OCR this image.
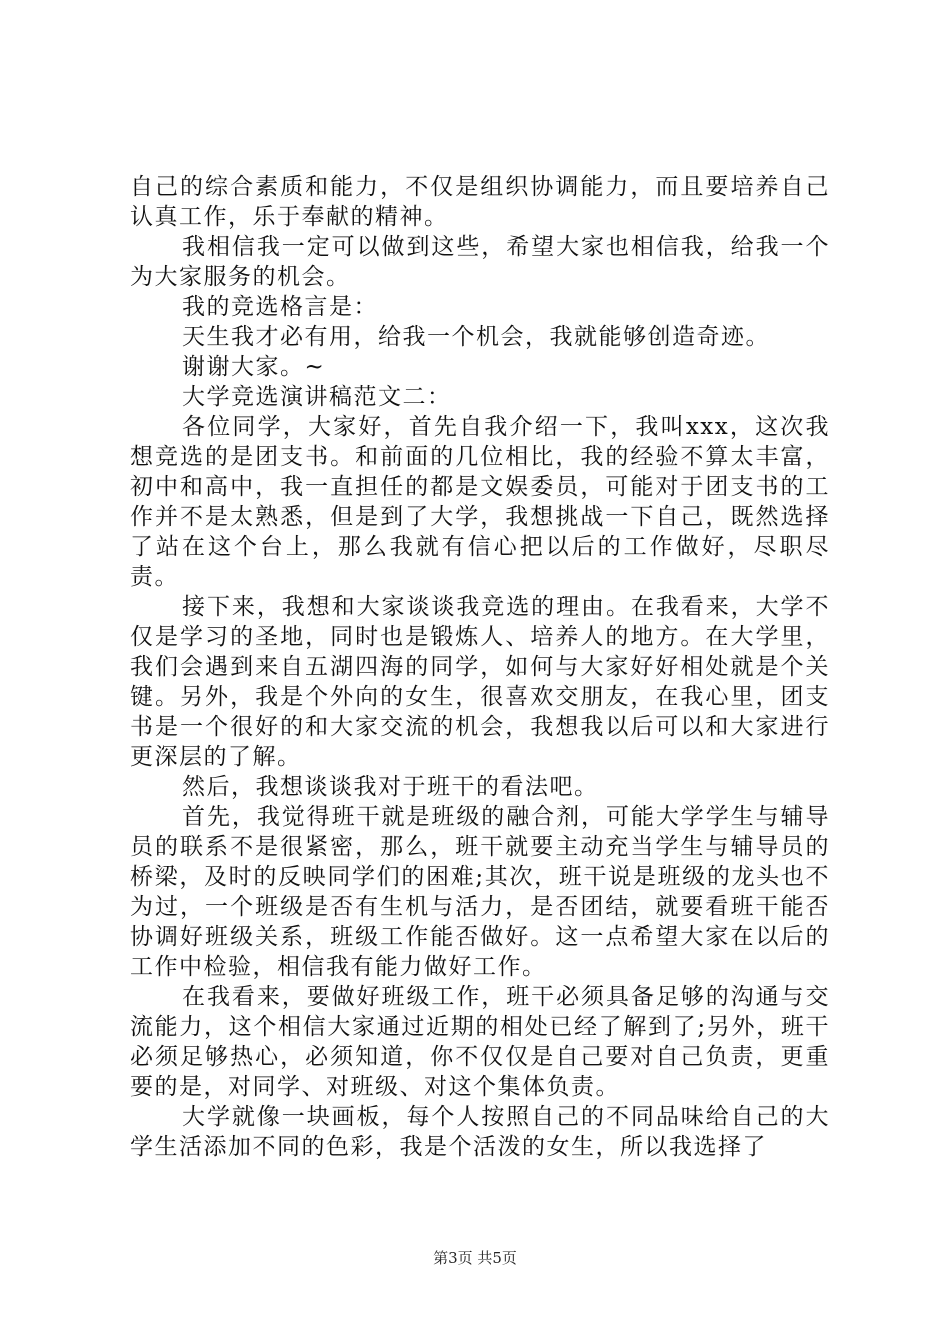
自己的综合素质和能力，不仅是组织协调能力，而且要培养自己认真工作，乐于奉献的精神。

我相信我一定可以做到这些，希望大家也相信我，给我一个为大家服务的机会。

我的竞选格言是：

天生我才必有用，给我一个机会，我就能够创造奇迹。

谢谢大家。~

大学竞选演讲稿范文二：

各位同学，大家好，首先自我介绍一下，我叫xxx，这次我想竞选的是团支书。和前面的几位相比，我的经验不算太丰富，初中和高中，我一直担任的都是文娱委员，可能对于团支书的工作并不是太熟悉，但是到了大学，我想挑战一下自己，既然选择了站在这个台上，那么我就有信心把以后的工作做好，尽职尽责。

接下来，我想和大家谈谈我竞选的理由。在我看来，大学不仅是学习的圣地，同时也是锻炼人、培养人的地方。在大学里，我们会遇到来自五湖四海的同学，如何与大家好好相处就是个关键。另外，我是个外向的女生，很喜欢交朋友，在我心里，团支书是一个很好的和大家交流的机会，我想我以后可以和大家进行更深层的了解。

然后，我想谈谈我对于班干的看法吧。

首先，我觉得班干就是班级的融合剂，可能大学学生与辅导员的联系不是很紧密，那么，班干就要主动充当学生与辅导员的桥梁，及时的反映同学们的困难;其次，班干说是班级的龙头也不为过，一个班级是否有生机与活力，是否团结，就要看班干能否协调好班级关系，班级工作能否做好。这一点希望大家在以后的工作中检验，相信我有能力做好工作。

在我看来，要做好班级工作，班干必须具备足够的沟通与交流能力，这个相信大家通过近期的相处已经了解到了;另外，班干必须足够热心，必须知道，你不仅仅是自己要对自己负责，更重要的是，对同学、对班级、对这个集体负责。

大学就像一块画板，每个人按照自己的不同品味给自己的大学生活添加不同的色彩，我是个活泼的女生，所以我选择了

第3页 共5页
